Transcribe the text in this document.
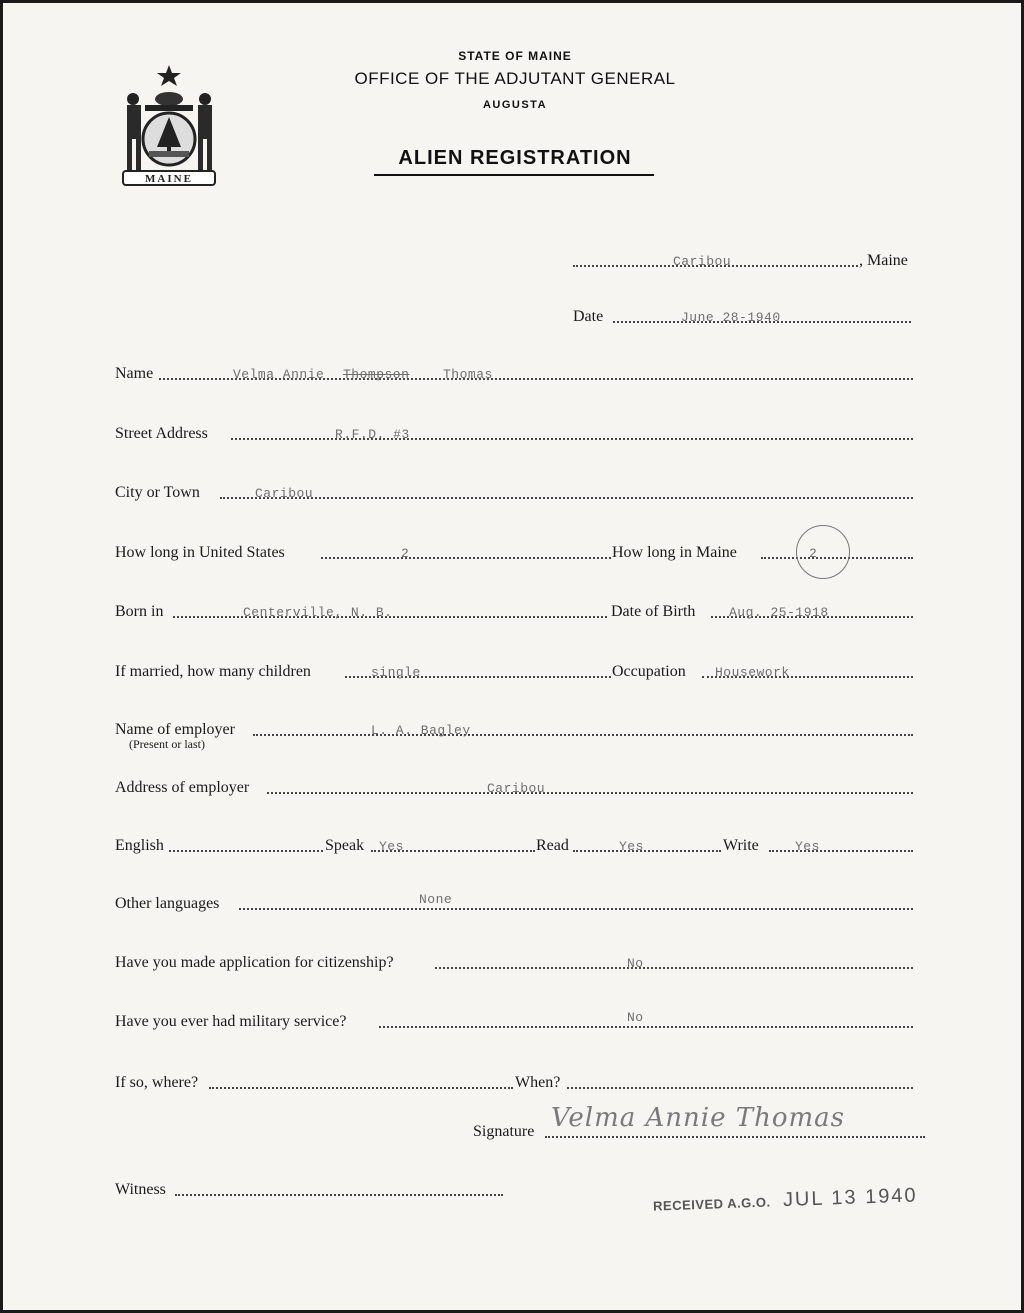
MAINE
STATE OF MAINE
OFFICE OF THE ADJUTANT GENERAL
AUGUSTA
ALIEN REGISTRATION
Caribou	, Maine
Date	June 28-1940
Name	Velma Annie Thompson	Thomas
Street Address	R.F.D. #3
City or Town	Caribou
How long in United States	2	How long in Maine	2
Born in	Centerville, N. B.	Date of Birth	Aug. 25-1918
If married, how many children	single	Occupation Housework
Name of employer	L. A. Bagley
(Present or last)
Address of employer	Caribou
English	Speak Yes	Read	Yes	Write	Yes
Other languages	None
Have you made application for citizenship?	No
Have you ever had military service?	No
If so, where?	When?
Signature Velma Annie Thomas
Witness
RECEIVED A.G.O. JUL 13 1940
